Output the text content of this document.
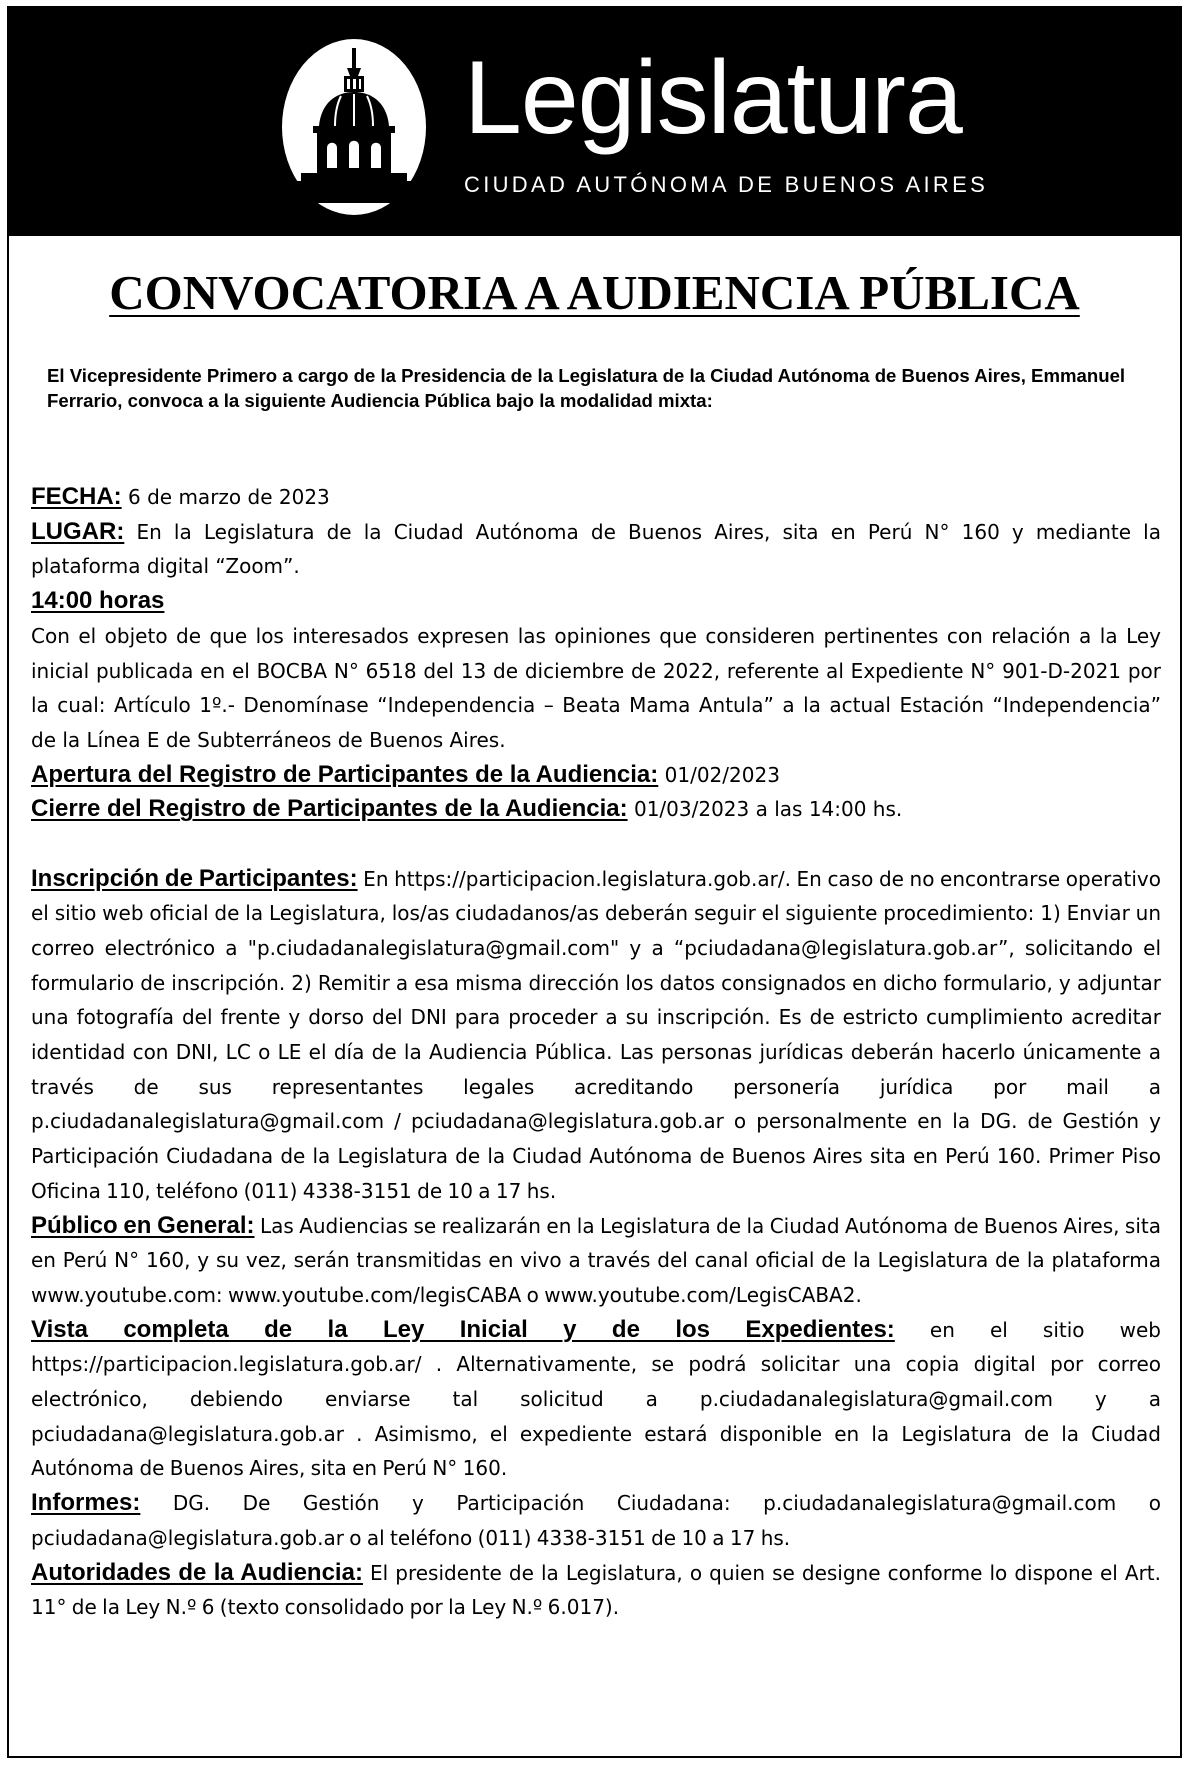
Legislatura
CIUDAD AUTÓNOMA DE BUENOS AIRES
CONVOCATORIA A AUDIENCIA PÚBLICA

El Vicepresidente Primero a cargo de la Presidencia de la Legislatura de la Ciudad Autónoma de Buenos Aires, Emmanuel Ferrario, convoca a la siguiente Audiencia Pública bajo la modalidad mixta:

FECHA: 6 de marzo de 2023

LUGAR: En la Legislatura de la Ciudad Autónoma de Buenos Aires, sita en Perú N° 160 y mediante la plataforma digital “Zoom”.

14:00 horas

Con el objeto de que los interesados expresen las opiniones que consideren pertinentes con relación a la Ley inicial publicada en el BOCBA N° 6518 del 13 de diciembre de 2022, referente al Expediente N° 901-D-2021 por la cual: Artículo 1º.- Denomínase “Independencia – Beata Mama Antula” a la actual Estación “Independencia” de la Línea E de Subterráneos de Buenos Aires.

Apertura del Registro de Participantes de la Audiencia: 01/02/2023

Cierre del Registro de Participantes de la Audiencia: 01/03/2023 a las 14:00 hs.

Inscripción de Participantes: En https://participacion.legislatura.gob.ar/. En caso de no encontrarse operativo el sitio web oficial de la Legislatura, los/as ciudadanos/as deberán seguir el siguiente procedimiento: 1) Enviar un correo electrónico a "p.ciudadanalegislatura@gmail.com" y a “pciudadana@legislatura.gob.ar”, solicitando el formulario de inscripción. 2) Remitir a esa misma dirección los datos consignados en dicho formulario, y adjuntar una fotografía del frente y dorso del DNI para proceder a su inscripción. Es de estricto cumplimiento acreditar identidad con DNI, LC o LE el día de la Audiencia Pública. Las personas jurídicas deberán hacerlo únicamente a través de sus representantes legales acreditando personería jurídica por mail a p.ciudadanalegislatura@gmail.com / pciudadana@legislatura.gob.ar o personalmente en la DG. de Gestión y Participación Ciudadana de la Legislatura de la Ciudad Autónoma de Buenos Aires sita en Perú 160. Primer Piso Oficina 110, teléfono (011) 4338-3151 de 10 a 17 hs.

Público en General: Las Audiencias se realizarán en la Legislatura de la Ciudad Autónoma de Buenos Aires, sita en Perú N° 160, y su vez, serán transmitidas en vivo a través del canal oficial de la Legislatura de la plataforma www.youtube.com: www.youtube.com/legisCABA o www.youtube.com/LegisCABA2.

Vista completa de la Ley Inicial y de los Expedientes: en el sitio web https://participacion.legislatura.gob.ar/ . Alternativamente, se podrá solicitar una copia digital por correo electrónico, debiendo enviarse tal solicitud a p.ciudadanalegislatura@gmail.com y a pciudadana@legislatura.gob.ar . Asimismo, el expediente estará disponible en la Legislatura de la Ciudad Autónoma de Buenos Aires, sita en Perú N° 160.

Informes: DG. De Gestión y Participación Ciudadana: p.ciudadanalegislatura@gmail.com o pciudadana@legislatura.gob.ar o al teléfono (011) 4338-3151 de 10 a 17 hs.

Autoridades de la Audiencia: El presidente de la Legislatura, o quien se designe conforme lo dispone el Art. 11° de la Ley N.º 6 (texto consolidado por la Ley N.º 6.017).
